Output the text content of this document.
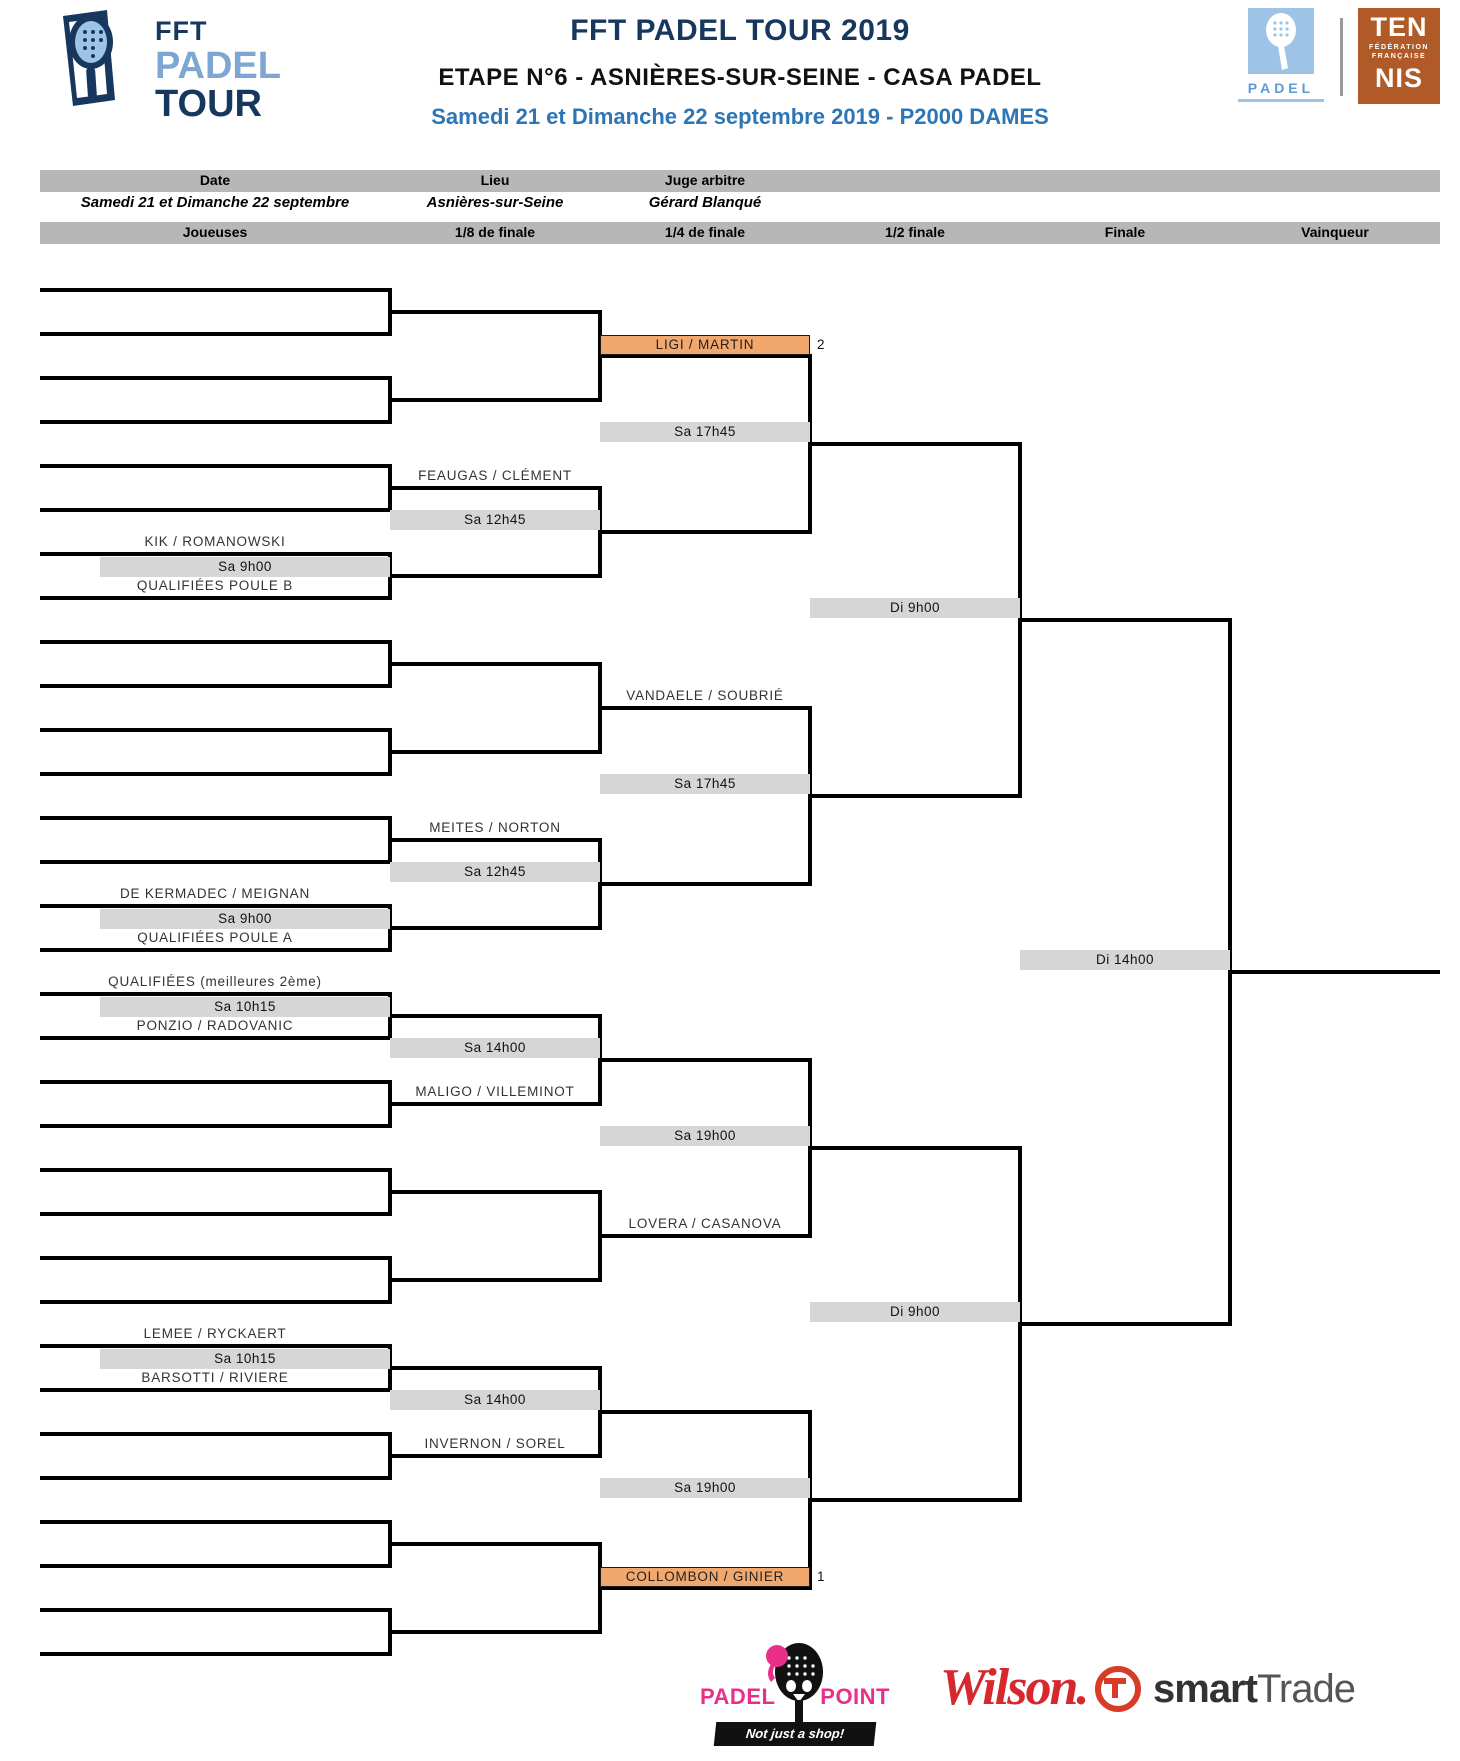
FFT
PADEL TOUR
FFT PADEL TOUR 2019
ETAPE N°6 - ASNIÈRES-SUR-SEINE - CASA PADEL
Samedi 21 et Dimanche 22 septembre 2019 - P2000 DAMES
PADEL
TEN
FÉDÉRATION
FRANÇAISE
NIS
Date	Lieu	Juge arbitre
Samedi 21 et Dimanche 22 septembre	Asnières-sur-Seine	Gérard Blanqué
Joueuses	1/8 de finale	1/4 de finale	1/2 finale	Finale	Vainqueur
KIK / ROMANOWSKI
QUALIFIÉES POULE B
DE KERMADEC / MEIGNAN
QUALIFIÉES POULE A
QUALIFIÉES (meilleures 2ème)
PONZIO / RADOVANIC
LEMEE / RYCKAERT
BARSOTTI / RIVIERE
Sa 9h00
Sa 9h00
Sa 10h15
Sa 10h15
FEAUGAS / CLÉMENT
MEITES / NORTON
MALIGO / VILLEMINOT
INVERNON / SOREL
Sa 12h45
Sa 12h45
Sa 14h00
Sa 14h00
VANDAELE / SOUBRIÉ
LOVERA / CASANOVA
Sa 17h45
Sa 17h45
Sa 19h00
Sa 19h00
LIGI / MARTIN	2
COLLOMBON / GINIER	1
Di 9h00
Di 9h00
Di 14h00
PADEL POINT
Not just a shop!
Wilson.	smart Trade
